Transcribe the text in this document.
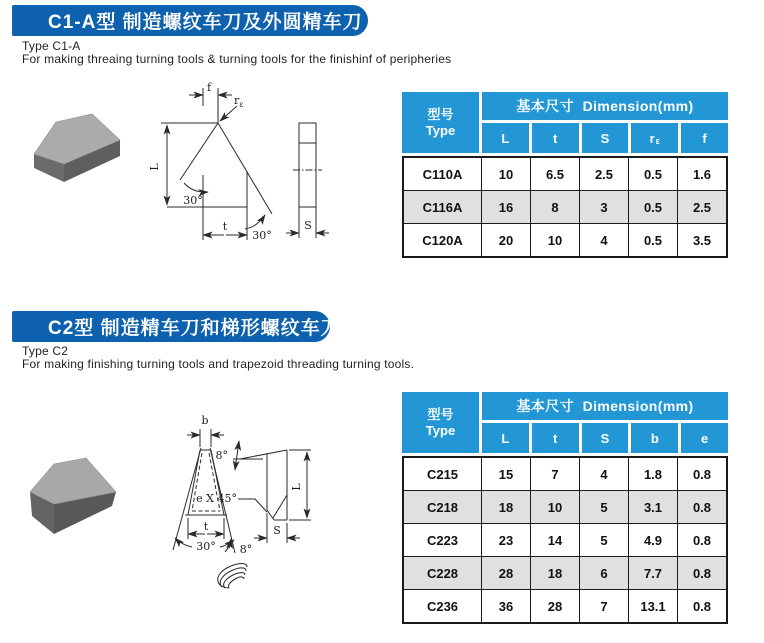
C1-A型 制造螺纹车刀及外圆精车刀
Type C1-A
For making threaing turning tools & turning tools for the finishinf of peripheries
f
$r_\varepsilon$
L
30°
30°
t	S
型号
Type
基本尺寸  Dimension(mm)
L	t	S	r ε	f
C110A	10	6.5	2.5	0.5	1.6
C116A	16	8	3	0.5	2.5
C120A	20	10	4	0.5	3.5
C2型 制造精车刀和梯形螺纹车刀
Type C2
For making finishing turning tools and trapezoid threading turning tools.
b
t
30° 8°
8°
e X 45°
L
S
型号
Type
基本尺寸  Dimension(mm)
L	t	S	b	e
C215	15	7	4	1.8	0.8
C218	18	10	5	3.1	0.8
C223	23	14	5	4.9	0.8
C228	28	18	6	7.7	0.8
C236	36	28	7	13.1	0.8
